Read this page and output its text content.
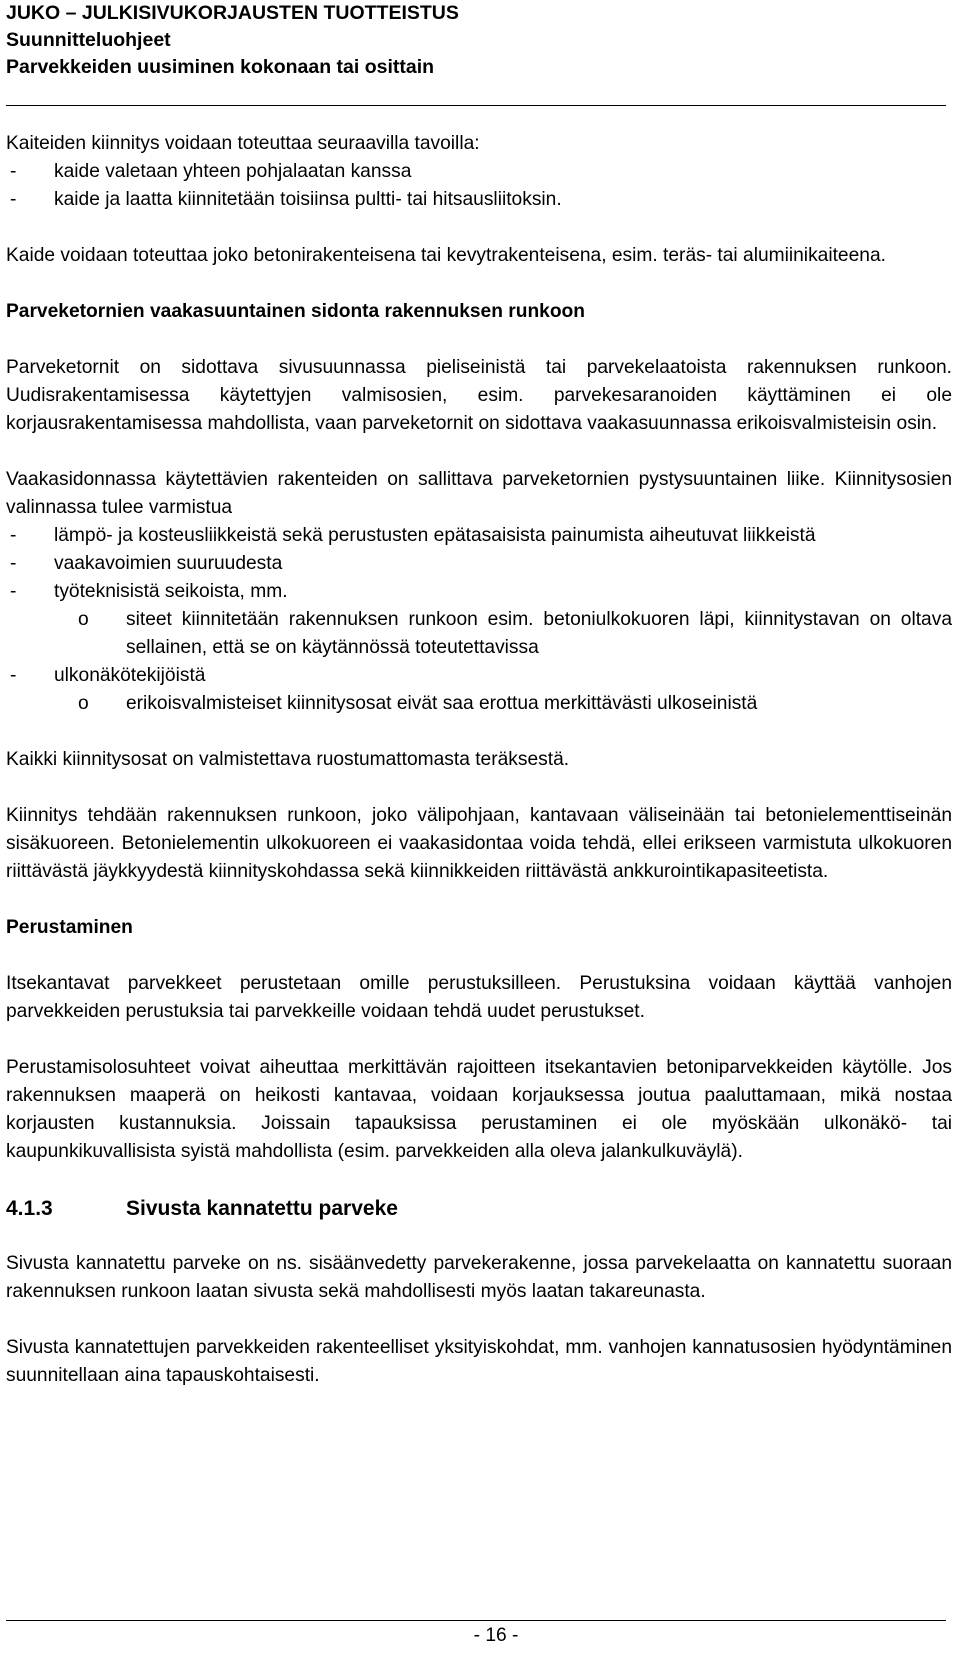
JUKO – JULKISIVUKORJAUSTEN TUOTTEISTUS
Suunnitteluohjeet
Parvekkeiden uusiminen kokonaan tai osittain
Kaiteiden kiinnitys voidaan toteuttaa seuraavilla tavoilla:
- kaide valetaan yhteen pohjalaatan kanssa
- kaide ja laatta kiinnitetään toisiinsa pultti- tai hitsausliitoksin.

Kaide voidaan toteuttaa joko betonirakenteisena tai kevytrakenteisena, esim. teräs- tai alumiinikaiteena.

Parveketornien vaakasuuntainen sidonta rakennuksen runkoon

Parveketornit on sidottava sivusuunnassa pieliseinistä tai parvekelaatoista rakennuksen runkoon. Uudisrakentamisessa käytettyjen valmisosien, esim. parvekesaranoiden käyttäminen ei ole korjausrakentamisessa mahdollista, vaan parveketornit on sidottava vaakasuunnassa erikoisvalmisteisin osin.

Vaakasidonnassa käytettävien rakenteiden on sallittava parveketornien pystysuuntainen liike. Kiinnitysosien valinnassa tulee varmistua
- lämpö- ja kosteusliikkeistä sekä perustusten epätasaisista painumista aiheutuvat liikkeistä
- vaakavoimien suuruudesta
- työteknisistä seikoista, mm.
o siteet kiinnitetään rakennuksen runkoon esim. betoniulkokuoren läpi, kiinnitystavan on oltava sellainen, että se on käytännössä toteutettavissa
- ulkonäkötekijöistä
o erikoisvalmisteiset kiinnitysosat eivät saa erottua merkittävästi ulkoseinistä

Kaikki kiinnitysosat on valmistettava ruostumattomasta teräksestä.

Kiinnitys tehdään rakennuksen runkoon, joko välipohjaan, kantavaan väliseinään tai betonielementtiseinän sisäkuoreen. Betonielementin ulkokuoreen ei vaakasidontaa voida tehdä, ellei erikseen varmistuta ulkokuoren riittävästä jäykkyydestä kiinnityskohdassa sekä kiinnikkeiden riittävästä ankkurointikapasiteetista.

Perustaminen

Itsekantavat parvekkeet perustetaan omille perustuksilleen. Perustuksina voidaan käyttää vanhojen parvekkeiden perustuksia tai parvekkeille voidaan tehdä uudet perustukset.

Perustamisolosuhteet voivat aiheuttaa merkittävän rajoitteen itsekantavien betoniparvekkeiden käytölle. Jos rakennuksen maaperä on heikosti kantavaa, voidaan korjauksessa joutua paaluttamaan, mikä nostaa korjausten kustannuksia. Joissain tapauksissa perustaminen ei ole myöskään ulkonäkö- tai kaupunkikuvallisista syistä mahdollista (esim. parvekkeiden alla oleva jalankulkuväylä).

4.1.3	Sivusta kannatettu parveke

Sivusta kannatettu parveke on ns. sisäänvedetty parvekerakenne, jossa parvekelaatta on kannatettu suoraan rakennuksen runkoon laatan sivusta sekä mahdollisesti myös laatan takareunasta.

Sivusta kannatettujen parvekkeiden rakenteelliset yksityiskohdat, mm. vanhojen kannatusosien hyödyntäminen suunnitellaan aina tapauskohtaisesti.

- 16 -
